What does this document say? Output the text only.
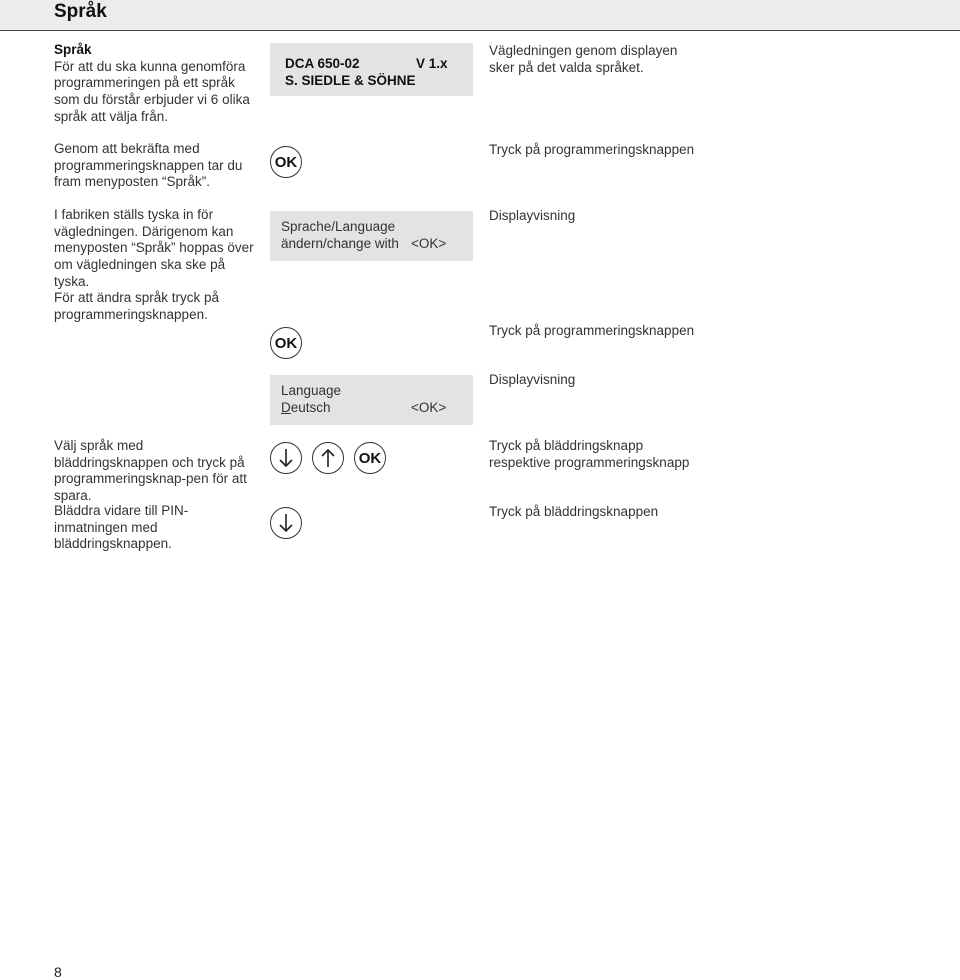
Språk
Språk
För att du ska kunna genomföra programmeringen på ett språk som du förstår erbjuder vi 6 olika språk att välja från.
Genom att bekräfta med programmeringsknappen tar du fram menyposten “Språk”.
I fabriken ställs tyska in för vägledningen. Därigenom kan menyposten “Språk” hoppas över om vägledningen ska ske på tyska.
För att ändra språk tryck på programmeringsknappen.
Välj språk med bläddringsknappen och tryck på programmeringsknap-pen för att spara.
Bläddra vidare till PIN-inmatningen med bläddringsknappen.
DCA 650-02	V 1.x
S. SIEDLE & SÖHNE
OK
Sprache/Language
ändern/change with <OK>
OK
Language
Deutsch	<OK>
OK
Vägledningen genom displayen sker på det valda språket.
Tryck på programmeringsknappen
Displayvisning
Tryck på programmeringsknappen
Displayvisning
Tryck på bläddringsknapp respektive programmeringsknapp
Tryck på bläddringsknappen
8
